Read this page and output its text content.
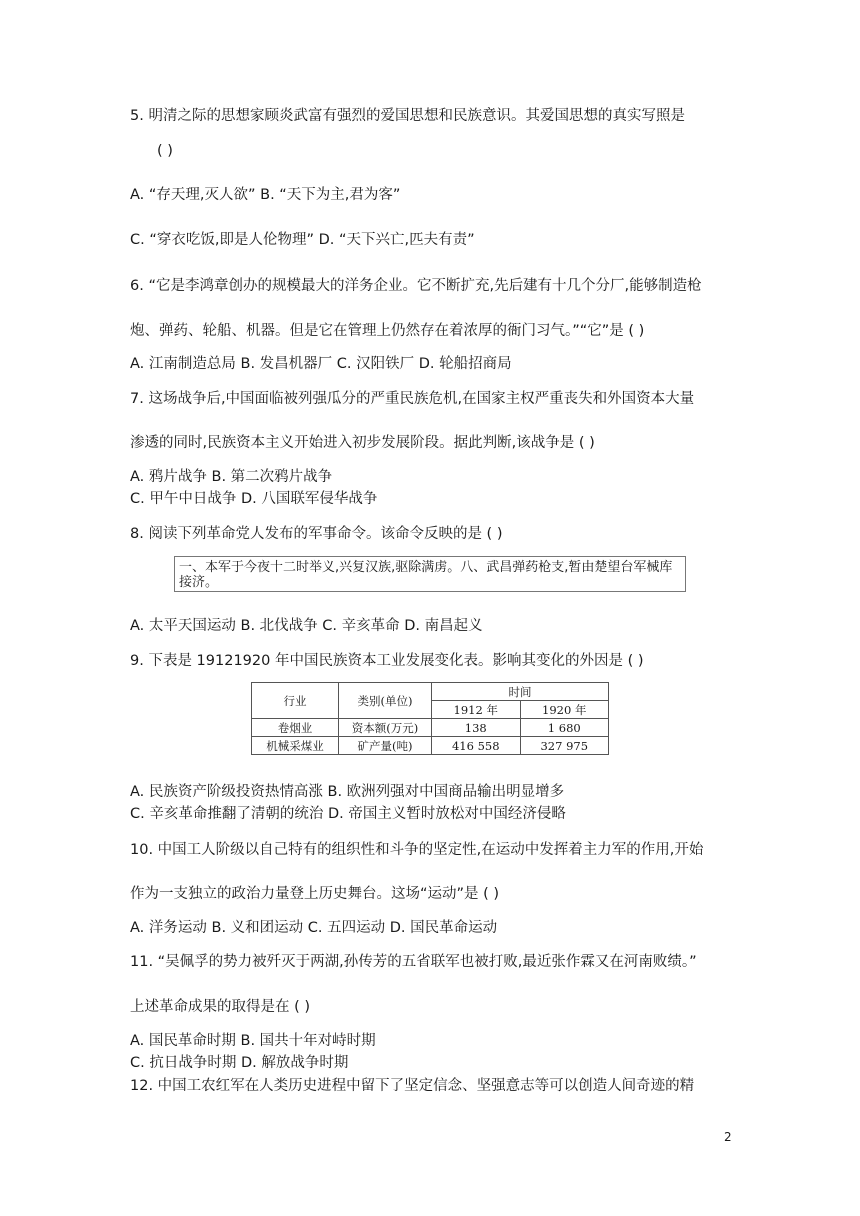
5. 明清之际的思想家顾炎武富有强烈的爱国思想和民族意识。其爱国思想的真实写照是
( )
A. “存天理,灭人欲” B. “天下为主,君为客”
C. “穿衣吃饭,即是人伦物理” D. “天下兴亡,匹夫有责”
6. “它是李鸿章创办的规模最大的洋务企业。它不断扩充,先后建有十几个分厂,能够制造枪
炮、弹药、轮船、机器。但是它在管理上仍然存在着浓厚的衙门习气。”“它”是 ( )
A. 江南制造总局 B. 发昌机器厂 C. 汉阳铁厂 D. 轮船招商局
7. 这场战争后,中国面临被列强瓜分的严重民族危机,在国家主权严重丧失和外国资本大量
渗透的同时,民族资本主义开始进入初步发展阶段。据此判断,该战争是 ( )
A. 鸦片战争 B. 第二次鸦片战争
C. 甲午中日战争 D. 八国联军侵华战争
8. 阅读下列革命党人发布的军事命令。该命令反映的是 ( )
一、本军于今夜十二时举义,兴复汉族,驱除满虏。八、武昌弹药枪支,暂由楚望台军械库接济。
A. 太平天国运动 B. 北伐战争 C. 辛亥革命 D. 南昌起义
9. 下表是 19121920 年中国民族资本工业发展变化表。影响其变化的外因是 ( )
行业	类别(单位)	时间	
		1912 年	1920 年
卷烟业	资本额(万元)	138	1 680
机械采煤业	矿产量(吨)	416 558	327 975
A. 民族资产阶级投资热情高涨 B. 欧洲列强对中国商品输出明显增多
C. 辛亥革命推翻了清朝的统治 D. 帝国主义暂时放松对中国经济侵略
10. 中国工人阶级以自己特有的组织性和斗争的坚定性,在运动中发挥着主力军的作用,开始
作为一支独立的政治力量登上历史舞台。这场“运动”是 ( )
A. 洋务运动 B. 义和团运动 C. 五四运动 D. 国民革命运动
11. “吴佩孚的势力被歼灭于两湖,孙传芳的五省联军也被打败,最近张作霖又在河南败绩。”
上述革命成果的取得是在 ( )
A. 国民革命时期 B. 国共十年对峙时期
C. 抗日战争时期 D. 解放战争时期
12. 中国工农红军在人类历史进程中留下了坚定信念、坚强意志等可以创造人间奇迹的精
2
